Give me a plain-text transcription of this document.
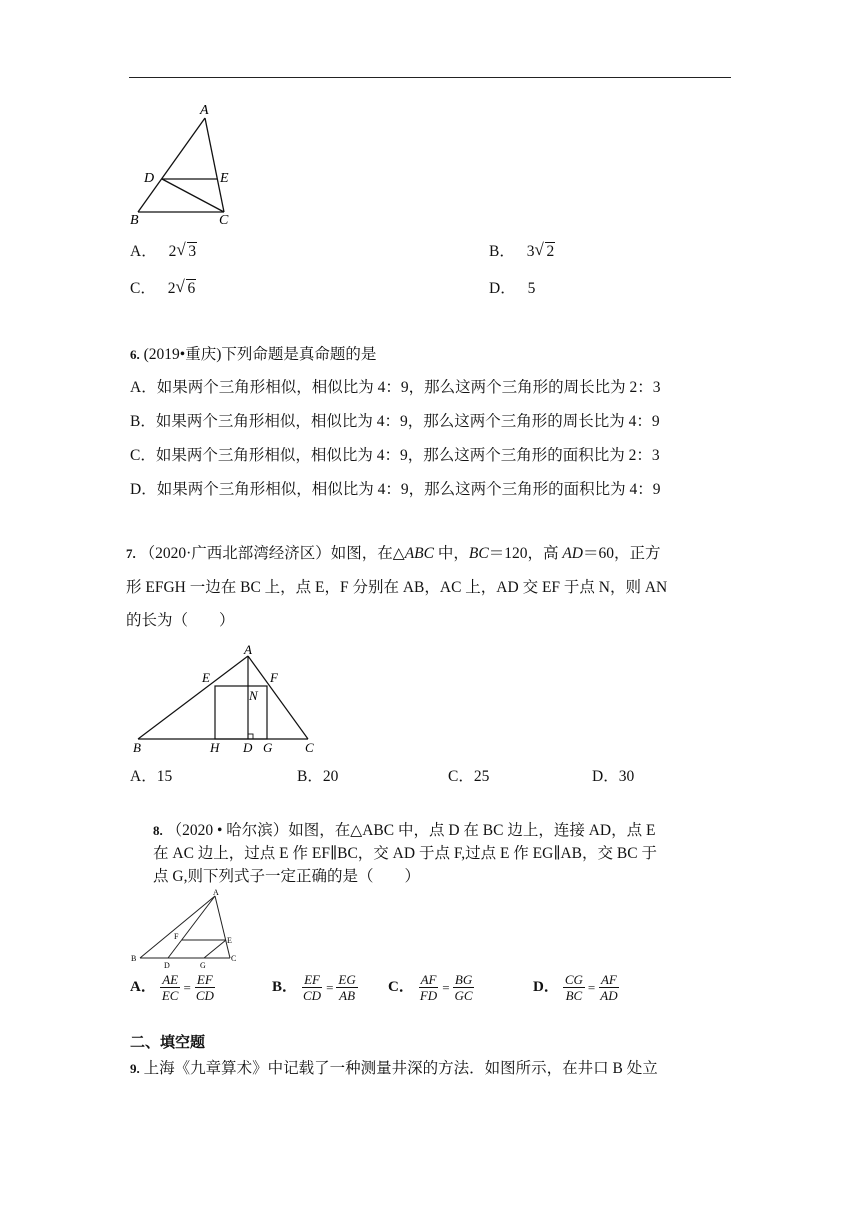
A
D	E
B	C
A． 2 √ 3	B． 3 √ 2
C． 2 √ 6	D． 5
6. (2019•重庆)下列命题是真命题的是
A．如果两个三角形相似，相似比为 4：9，那么这两个三角形的周长比为 2：3
B．如果两个三角形相似，相似比为 4：9，那么这两个三角形的周长比为 4：9
C．如果两个三角形相似，相似比为 4：9，那么这两个三角形的面积比为 2：3
D．如果两个三角形相似，相似比为 4：9，那么这两个三角形的面积比为 4：9
7. （2020·广西北部湾经济区）如图，在△ABC 中，BC＝120，高 AD＝60，正方
形 EFGH 一边在 BC 上，点 E，F 分别在 AB，AC 上，AD 交 EF 于点 N，则 AN
的长为（　　）
A
E	F
N
B	H D G	C
A．15	B．20	C．25	D．30
8. （2020 • 哈尔滨）如图，在△ABC 中，点 D 在 BC 边上，连接 AD，点 E
在 AC 边上，过点 E 作 EF∥BC，交 AD 于点 F,过点 E 作 EG∥AB，交 BC 于
点 G,则下列式子一定正确的是（　　）
A
F	E
B
D	G
C
A． $\frac{AE}{EC} = \frac{EF}{CD}$	B． $\frac{EF}{CD} = \frac{EG}{AB}$ C． $\frac{AF}{FD} = \frac{BG}{GC}$	D． $\frac{CG}{BC} = \frac{AF}{AD}$
二、填空题
9. 上海《九章算术》中记载了一种测量井深的方法．如图所示，在井口 B 处立
